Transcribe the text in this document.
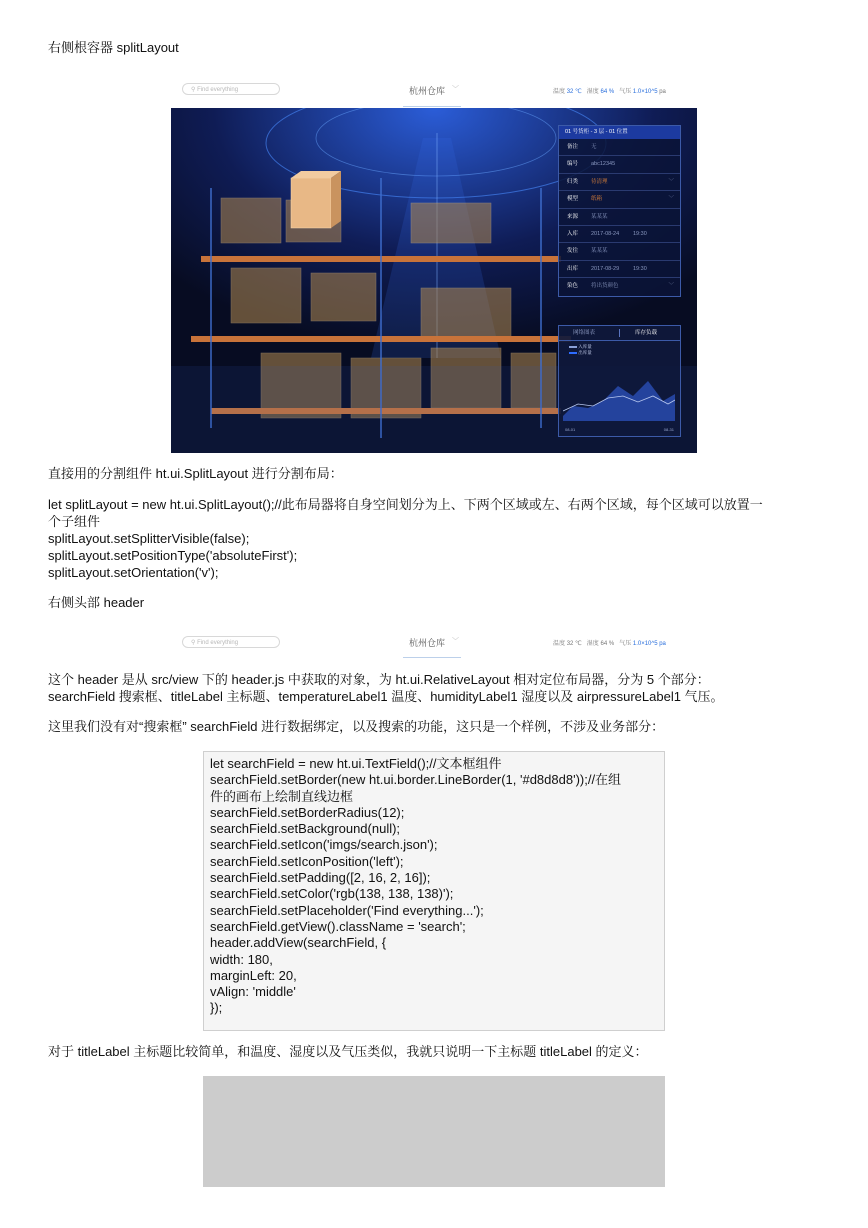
右侧根容器 splitLayout

⚲ Find everything	杭州仓库 ﹀	温度 32 ℃ 湿度 64 % 气压 1.0×10^5 pa
01 号货柜 - 3 层 - 01 位置
备注 无
编号 abc12345
归类 待清理	﹀
模型 纸箱	﹀
来源 某某某
入库 2017-08-24	19:30
发往 某某某
出库 2017-08-29	19:30
染色 将出货颜色	﹀
网络图表	库存负载
入库量
出库量
08-01	08-31

直接用的分割组件 ht.ui.SplitLayout 进行分割布局：

let splitLayout = new ht.ui.SplitLayout();//此布局器将自身空间划分为上、下两个区域或左、右两个区域，每个区域可以放置一

个子组件

splitLayout.setSplitterVisible(false);

splitLayout.setPositionType('absoluteFirst');

splitLayout.setOrientation('v');

右侧头部 header

⚲ Find everything	杭州仓库 ﹀	温度 32 ℃ 湿度 64 % 气压 1.0×10^5 pa

这个 header 是从 src/view 下的 header.js 中获取的对象，为 ht.ui.RelativeLayout 相对定位布局器，分为 5 个部分：

searchField 搜索框、titleLabel 主标题、temperatureLabel1 温度、humidityLabel1 湿度以及 airpressureLabel1 气压。

这里我们没有对“搜索框” searchField 进行数据绑定，以及搜索的功能，这只是一个样例，不涉及业务部分：

let searchField = new ht.ui.TextField();//文本框组件
searchField.setBorder(new ht.ui.border.LineBorder(1, '#d8d8d8'));//在组
件的画布上绘制直线边框
searchField.setBorderRadius(12);
searchField.setBackground(null);
searchField.setIcon('imgs/search.json');
searchField.setIconPosition('left');
searchField.setPadding([2, 16, 2, 16]);
searchField.setColor('rgb(138, 138, 138)');
searchField.setPlaceholder('Find everything...');
searchField.getView().className = 'search';
header.addView(searchField, {
width: 180,
marginLeft: 20,
vAlign: 'middle'
});

对于 titleLabel 主标题比较简单，和温度、湿度以及气压类似，我就只说明一下主标题 titleLabel 的定义：
